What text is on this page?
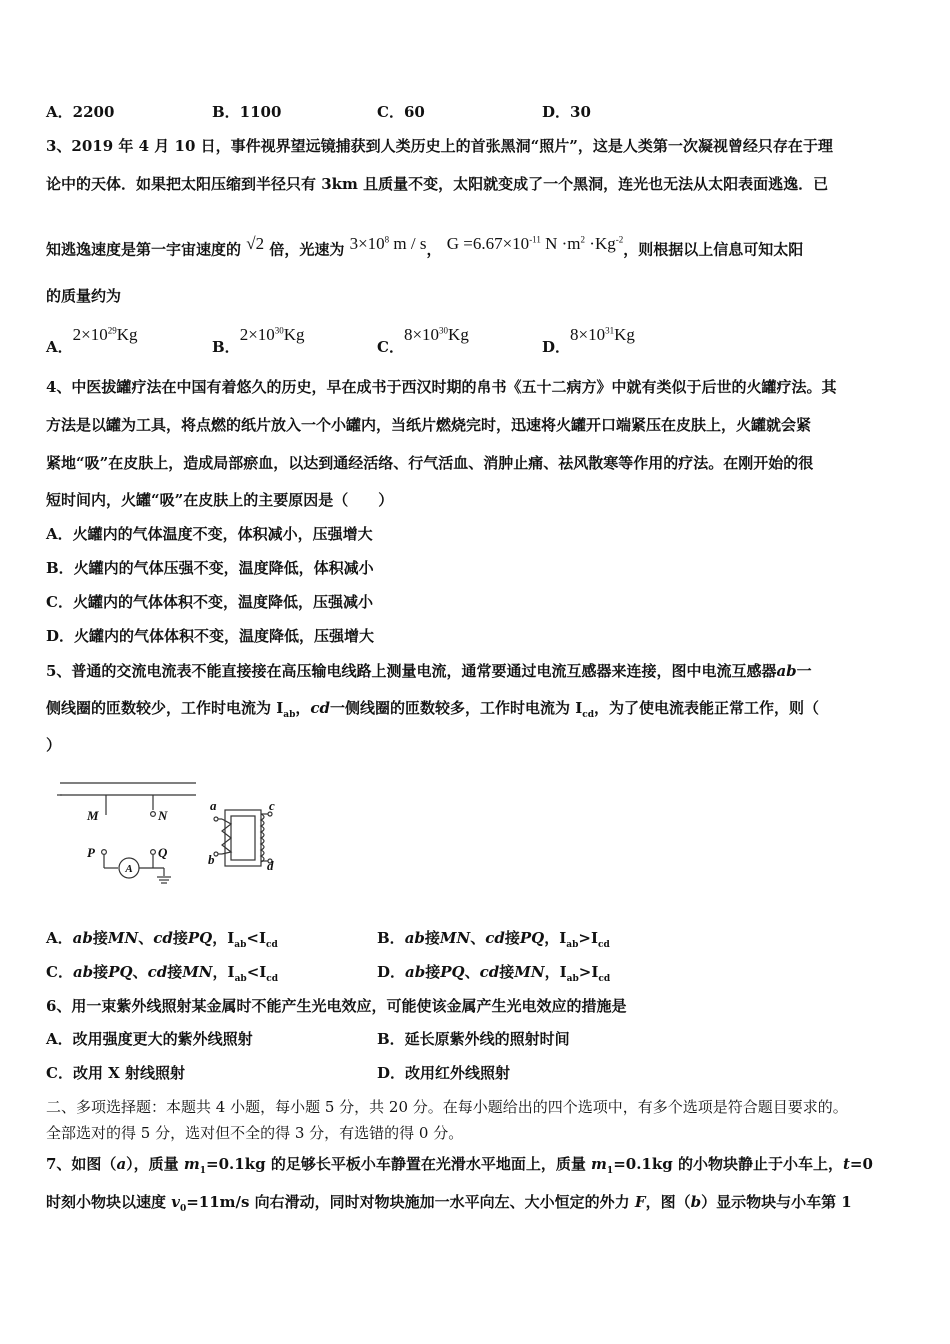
A．2200	B．1100	C．60	D．30
3、2019 年 4 月 10 日，事件视界望远镜捕获到人类历史上的首张黑洞“照片”，这是人类第一次凝视曾经只存在于理
论中的天体．如果把太阳压缩到半径只有 3km 且质量不变，太阳就变成了一个黑洞，连光也无法从太阳表面逃逸．已
知逃逸速度是第一宇宙速度的 √2 倍，光速为 $3\times 10^8$ m / s， $G =6.67\times 10^{-11}$ $N \cdot m^2 \cdot Kg^{-2}$，则根据以上信息可知太阳
的质量约为
A．$2\times 10^{29}Kg$
B．$2\times 10^{30}Kg$
C．$8\times 10^{30}Kg$
D．$8\times 10^{31}Kg$
4、中医拔罐疗法在中国有着悠久的历史，早在成书于西汉时期的帛书《五十二病方》中就有类似于后世的火罐疗法。其
方法是以罐为工具，将点燃的纸片放入一个小罐内，当纸片燃烧完时，迅速将火罐开口端紧压在皮肤上，火罐就会紧
紧地“吸”在皮肤上，造成局部瘀血，以达到通经活络、行气活血、消肿止痛、祛风散寒等作用的疗法。在刚开始的很
短时间内，火罐“吸”在皮肤上的主要原因是（　　）
A．火罐内的气体温度不变，体积减小，压强增大
B．火罐内的气体压强不变，温度降低，体积减小
C．火罐内的气体体积不变，温度降低，压强减小
D．火罐内的气体体积不变，温度降低，压强增大
5、普通的交流电流表不能直接接在高压输电线路上测量电流，通常要通过电流互感器来连接，图中电流互感器ab一
侧线圈的匝数较少，工作时电流为 $I_{ab}$，cd一侧线圈的匝数较多，工作时电流为 $I_{cd}$，为了使电流表能正常工作，则（
）
M	N
P	Q
a
b
c
d
A
A．ab接MN、cd接PQ，$I_{ab}<I_{cd}$	B．ab接MN、cd接PQ，$I_{ab}>I_{cd}$
C．ab接PQ、cd接MN，$I_{ab}<I_{cd}$	D．ab接PQ、cd接MN，$I_{ab}>I_{cd}$
6、用一束紫外线照射某金属时不能产生光电效应，可能使该金属产生光电效应的措施是
A．改用强度更大的紫外线照射	B．延长原紫外线的照射时间
C．改用 X 射线照射	D．改用红外线照射
二、多项选择题：本题共 4 小题，每小题 5 分，共 20 分。在每小题给出的四个选项中，有多个选项是符合题目要求的。
全部选对的得 5 分，选对但不全的得 3 分，有选错的得 0 分。
7、如图（a），质量 $m_1=0.1kg$ 的足够长平板小车静置在光滑水平地面上，质量 $m_1=0.1kg$ 的小物块静止于小车上，t=0
时刻小物块以速度 $v_0=11m/s$ 向右滑动，同时对物块施加一水平向左、大小恒定的外力 F，图（b）显示物块与小车第 1
